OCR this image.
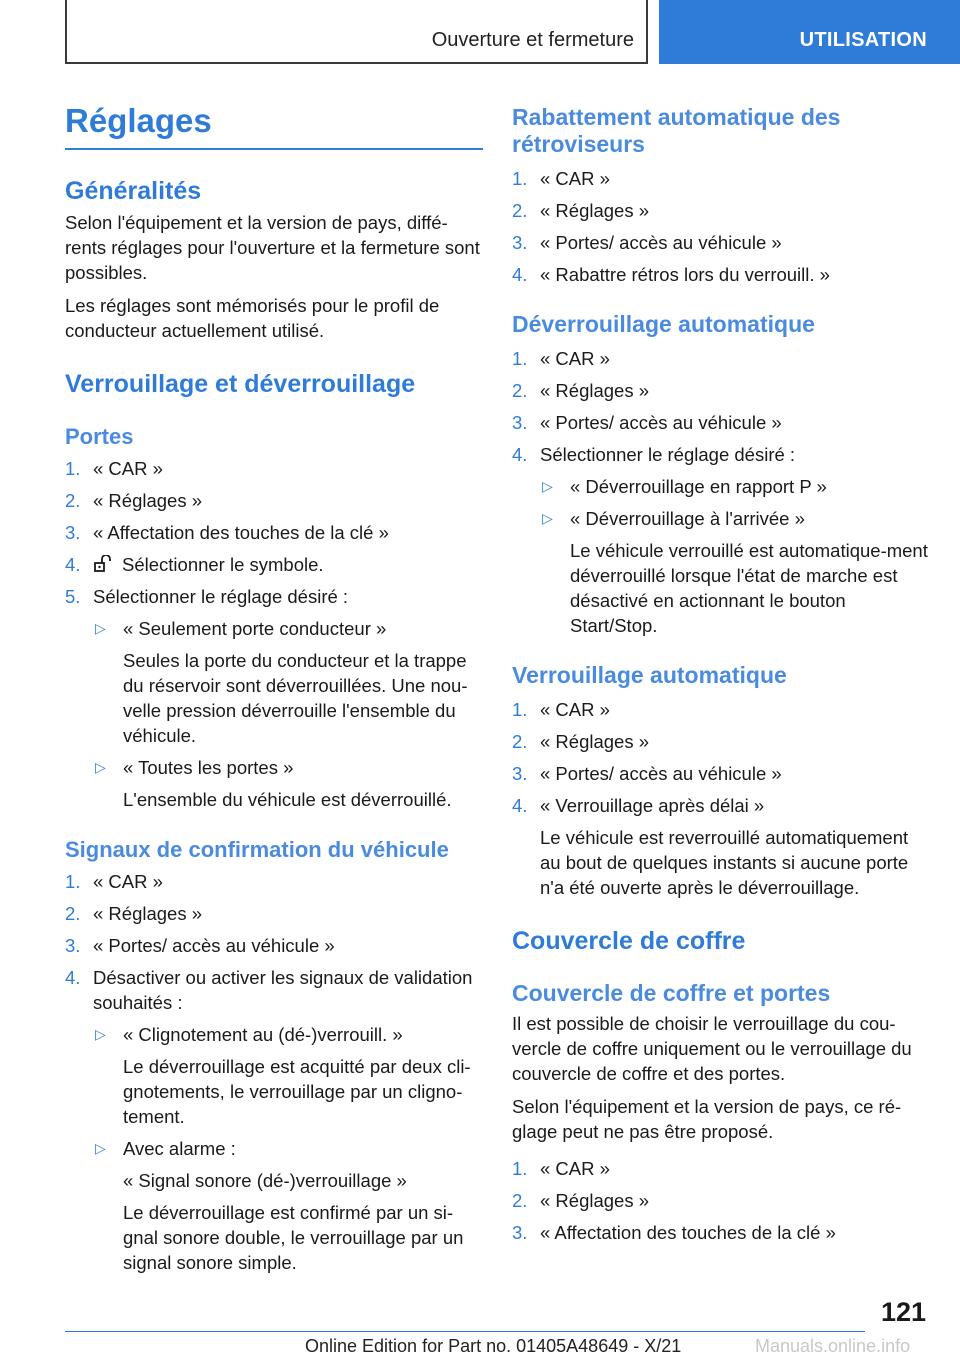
Ouverture et fermeture	UTILISATION
Réglages
Généralités

Selon l'équipement et la version de pays, diffé-rents réglages pour l'ouverture et la fermeture sont possibles.

Les réglages sont mémorisés pour le profil de conducteur actuellement utilisé.

Verrouillage et déverrouillage
Portes
1. « CAR »
2. « Réglages »
3. « Affectation des touches de la clé »
4. Sélectionner le symbole.
5. Sélectionner le réglage désiré :
▷ « Seulement porte conducteur »
Seules la porte du conducteur et la trappe du réservoir sont déverrouillées. Une nou-velle pression déverrouille l'ensemble du véhicule.
▷ « Toutes les portes »
L'ensemble du véhicule est déverrouillé.
Signaux de confirmation du véhicule
1. « CAR »
2. « Réglages »
3. « Portes/ accès au véhicule »
4. Désactiver ou activer les signaux de validation souhaités :
▷ « Clignotement au (dé-)verrouill. »
Le déverrouillage est acquitté par deux cli-gnotements, le verrouillage par un cligno-tement.
▷ Avec alarme :
« Signal sonore (dé-)verrouillage »
Le déverrouillage est confirmé par un si-gnal sonore double, le verrouillage par un signal sonore simple.
Rabattement automatique des rétroviseurs
1. « CAR »
2. « Réglages »
3. « Portes/ accès au véhicule »
4. « Rabattre rétros lors du verrouill. »
Déverrouillage automatique
1. « CAR »
2. « Réglages »
3. « Portes/ accès au véhicule »
4. Sélectionner le réglage désiré :
▷ « Déverrouillage en rapport P »
▷ « Déverrouillage à l'arrivée »
Le véhicule verrouillé est automatique-ment déverrouillé lorsque l'état de marche est désactivé en actionnant le bouton Start/Stop.
Verrouillage automatique
1. « CAR »
2. « Réglages »
3. « Portes/ accès au véhicule »
4. « Verrouillage après délai »
Le véhicule est reverrouillé automatiquement au bout de quelques instants si aucune porte n'a été ouverte après le déverrouillage.
Couvercle de coffre
Couvercle de coffre et portes

Il est possible de choisir le verrouillage du cou-vercle de coffre uniquement ou le verrouillage du couvercle de coffre et des portes.

Selon l'équipement et la version de pays, ce ré-glage peut ne pas être proposé.

1. « CAR »
2. « Réglages »
3. « Affectation des touches de la clé »
121
Online Edition for Part no. 01405A48649 - X/21	Manuals.online.info
